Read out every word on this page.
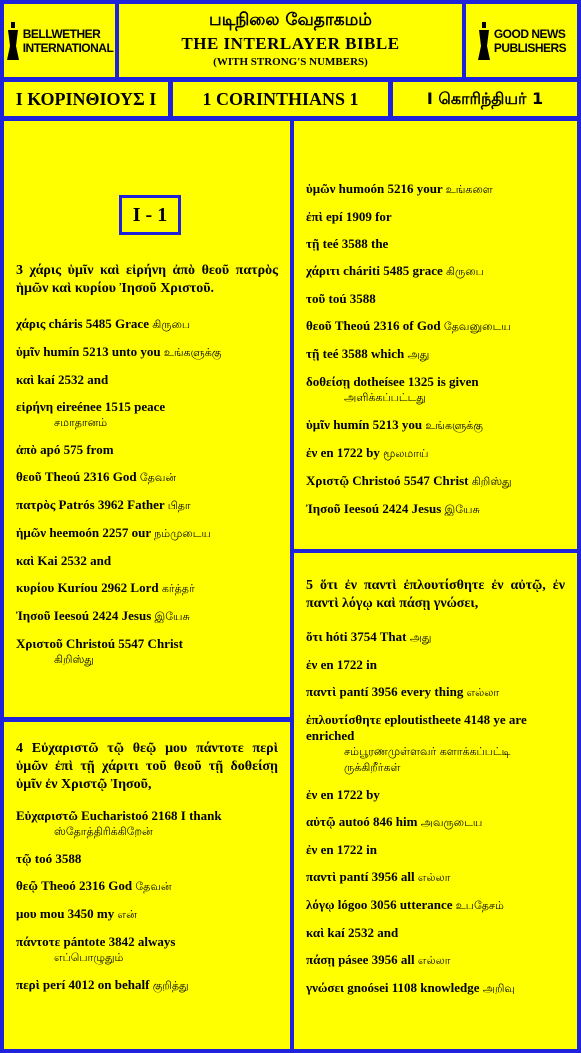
BELLWETHER
INTERNATIONAL
படிநிலை வேதாகமம்
THE INTERLAYER BIBLE
(WITH STRONG'S NUMBERS)
GOOD NEWS
PUBLISHERS
Ι ΚΟΡΙΝΘΙΟΥΣ Ι	1 CORINTHIANS 1	I கொரிந்தியர் 1
I - 1
3 χάρις ὑμῖν καὶ εἰρήνη ἀπὸ θεοῦ πατρὸς ἡμῶν καὶ κυρίου Ἰησοῦ Χριστοῦ.
χάρις cháris 5485 Grace கிருபை
ὑμῖν humín 5213 unto you உங்களுக்கு
καὶ kaí 2532 and
εἰρήνη eireénee 1515 peace
சமாதானம்
ἀπὸ apó 575 from
θεοῦ Theoú 2316 God தேவன்
πατρὸς Patrós 3962 Father பிதா
ἡμῶν heemoón 2257 our நம்முடைய
καὶ Kai 2532 and
κυρίου Kuríou 2962 Lord கர்த்தர்
Ἰησοῦ Ieesoú 2424 Jesus இயேசு
Χριστοῦ Christoú 5547 Christ
கிறிஸ்து
4 Εὐχαριστῶ τῷ θεῷ μου πάντοτε περὶ ὑμῶν ἐπὶ τῇ χάριτι τοῦ θεοῦ τῇ δοθείσῃ ὑμῖν ἐν Χριστῷ Ἰησοῦ,
Εὐχαριστῶ Eucharistoó 2168 I thank
ஸ்தோத்திரிக்கிறேன்
τῷ toó 3588
θεῷ Theoó 2316 God தேவன்
μου mou 3450 my என்
πάντοτε pántote 3842 always
எப்பொழுதும்
περὶ perí 4012 on behalf குறித்து
ὑμῶν humoón 5216 your உங்களை
ἐπὶ epí 1909 for
τῇ teé 3588 the
χάριτι cháriti 5485 grace கிருபை
τοῦ toú 3588
θεοῦ Theoú 2316 of God தேவனுடைய
τῇ teé 3588 which அது
δοθείσῃ dotheísee 1325 is given
அளிக்கப்பட்டது
ὑμῖν humín 5213 you உங்களுக்கு
ἐν en 1722 by மூலமாய்
Χριστῷ Christoó 5547 Christ கிறிஸ்து
Ἰησοῦ Ieesoú 2424 Jesus இயேசு
5 ὅτι ἐν παντὶ ἐπλουτίσθητε ἐν αὐτῷ, ἐν παντὶ λόγῳ καὶ πάσῃ γνώσει,
ὅτι hóti 3754 That அது
ἐν en 1722 in
παντὶ pantí 3956 every thing எல்லா
ἐπλουτίσθητε eploutistheete 4148 ye are enriched
சம்பூரணமுள்ளவர் களாக்கப்பட்டி ருக்கிறீர்கள்
ἐν en 1722 by
αὐτῷ autoó 846 him அவருடைய
ἐν en 1722 in
παντὶ pantí 3956 all எல்லா
λόγῳ lógoo 3056 utterance உபதேசம்
καὶ kaí 2532 and
πάσῃ pásee 3956 all எல்லா
γνώσει gnoósei 1108 knowledge அறிவு
